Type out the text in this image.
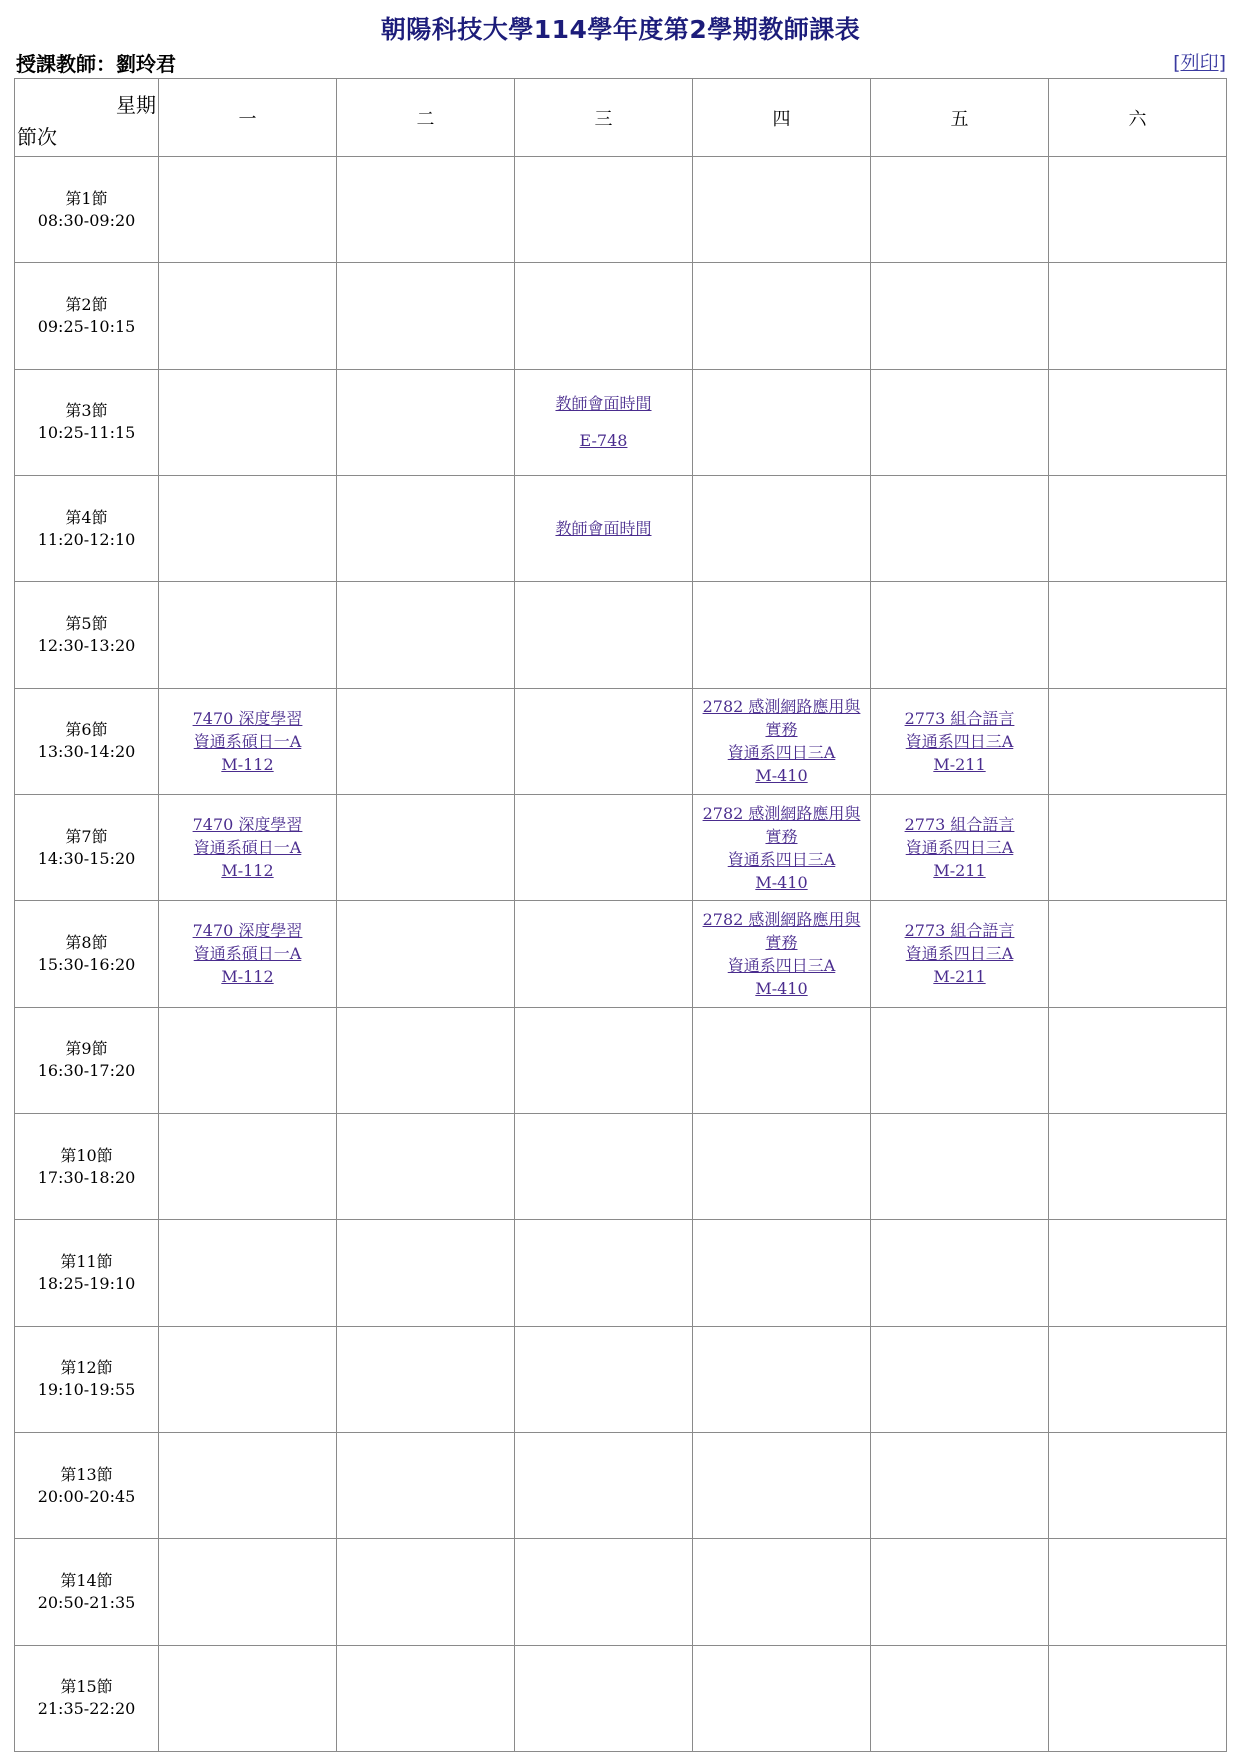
朝陽科技大學114學年度第2學期教師課表
授課教師：劉玲君	[列印]
星期
節次	一	二	三	四	五	六

第1節
08:30-09:20						

第2節
09:25-10:15						

第3節
10:25-11:15			教師會面時間
E-748			

第4節
11:20-12:10			教師會面時間			

第5節
12:30-13:20						

第6節
13:30-14:20	7470 深度學習
資通系碩日一A
M-112			2782 感測網路應用與
實務
資通系四日三A
M-410	2773 組合語言
資通系四日三A
M-211	

第7節
14:30-15:20	7470 深度學習
資通系碩日一A
M-112			2782 感測網路應用與
實務
資通系四日三A
M-410	2773 組合語言
資通系四日三A
M-211	

第8節
15:30-16:20	7470 深度學習
資通系碩日一A
M-112			2782 感測網路應用與
實務
資通系四日三A
M-410	2773 組合語言
資通系四日三A
M-211	

第9節
16:30-17:20						

第10節
17:30-18:20						

第11節
18:25-19:10						

第12節
19:10-19:55						

第13節
20:00-20:45						

第14節
20:50-21:35						

第15節
21:35-22:20						
